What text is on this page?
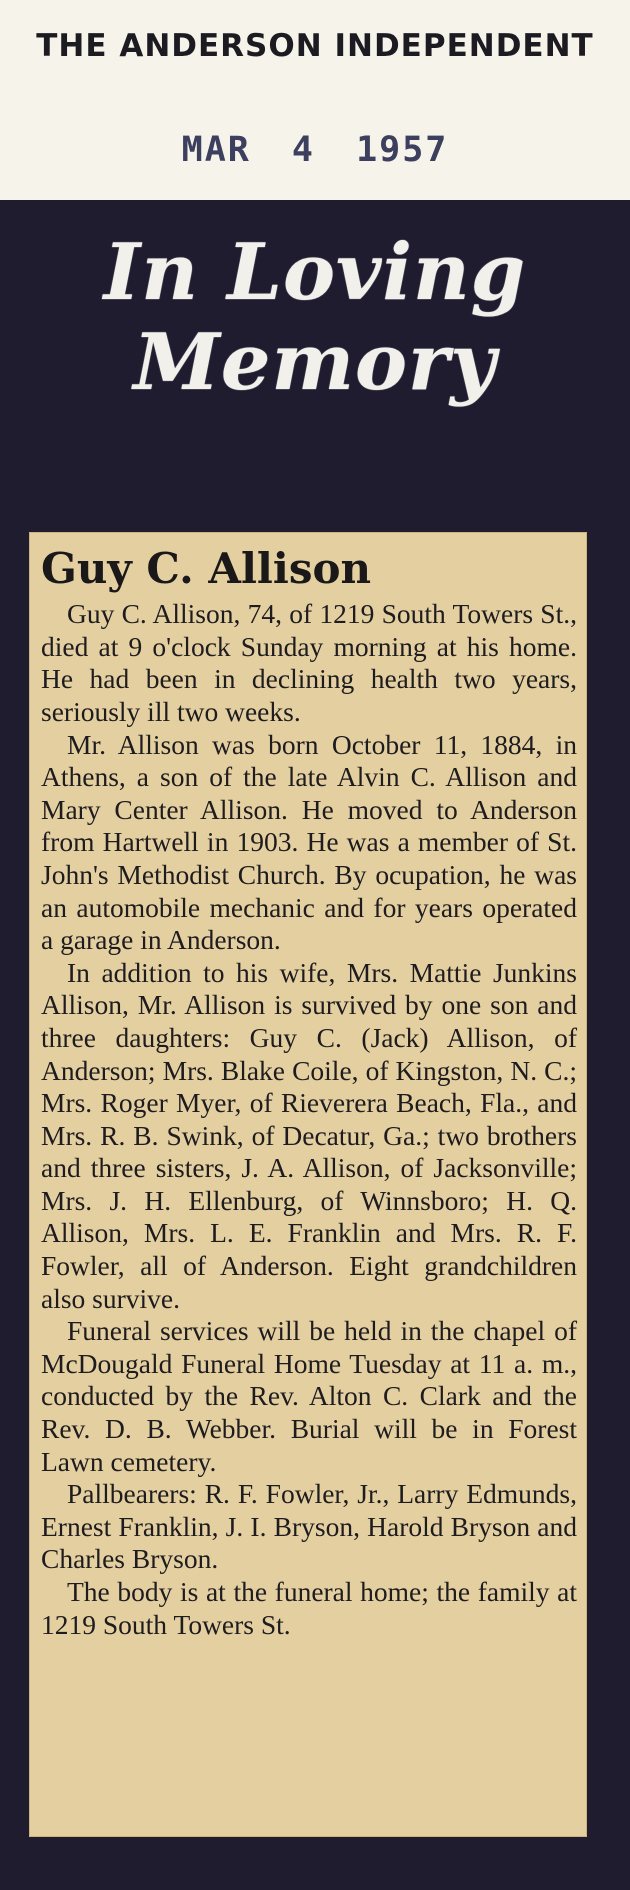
THE ANDERSON INDEPENDENT
MAR 4 1957
In Loving
Memory
Guy C. Allison

Guy C. Allison, 74, of 1219 South Towers St., died at 9 o'clock Sunday morning at his home. He had been in declining health two years, seriously ill two weeks.

Mr. Allison was born October 11, 1884, in Athens, a son of the late Alvin C. Allison and Mary Center Allison. He moved to Anderson from Hartwell in 1903. He was a member of St. John's Methodist Church. By ocupation, he was an automobile mechanic and for years operated a garage in Anderson.

In addition to his wife, Mrs. Mattie Junkins Allison, Mr. Allison is survived by one son and three daughters: Guy C. (Jack) Allison, of Anderson; Mrs. Blake Coile, of Kingston, N. C.; Mrs. Roger Myer, of Rieverera Beach, Fla., and Mrs. R. B. Swink, of Decatur, Ga.; two brothers and three sisters, J. A. Allison, of Jacksonville; Mrs. J. H. Ellenburg, of Winnsboro; H. Q. Allison, Mrs. L. E. Franklin and Mrs. R. F. Fowler, all of Anderson. Eight grandchildren also survive.

Funeral services will be held in the chapel of McDougald Funeral Home Tuesday at 11 a. m., conducted by the Rev. Alton C. Clark and the Rev. D. B. Webber. Burial will be in Forest Lawn cemetery.

Pallbearers: R. F. Fowler, Jr., Larry Edmunds, Ernest Franklin, J. I. Bryson, Harold Bryson and Charles Bryson.

The body is at the funeral home; the family at 1219 South Towers St.
